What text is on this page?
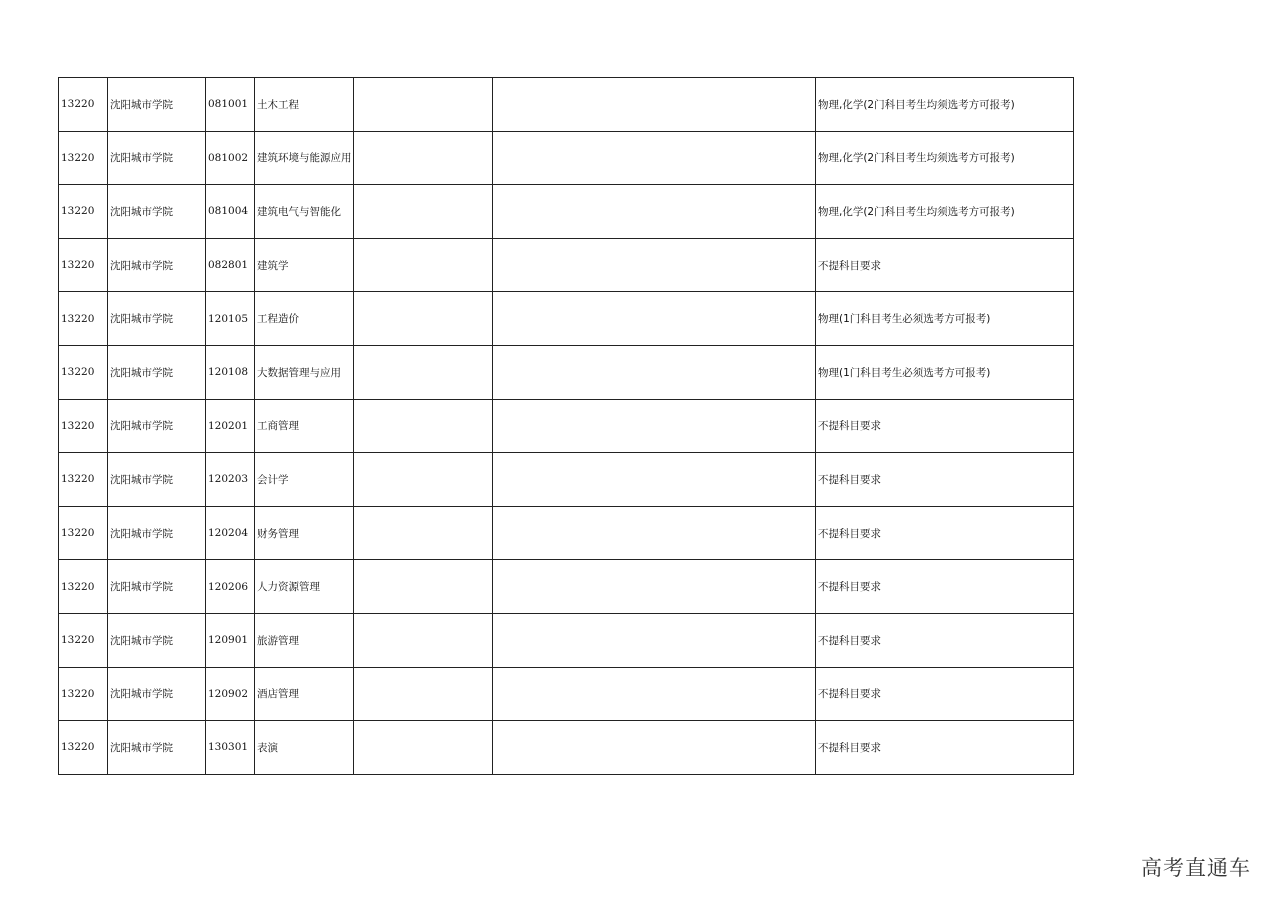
13220	沈阳城市学院	081001	土木工程			物理,化学(2门科目考生均须选考方可报考)
13220	沈阳城市学院	081002	建筑环境与能源应用			物理,化学(2门科目考生均须选考方可报考)
13220	沈阳城市学院	081004	建筑电气与智能化			物理,化学(2门科目考生均须选考方可报考)
13220	沈阳城市学院	082801	建筑学			不提科目要求
13220	沈阳城市学院	120105	工程造价			物理(1门科目考生必须选考方可报考)
13220	沈阳城市学院	120108	大数据管理与应用			物理(1门科目考生必须选考方可报考)
13220	沈阳城市学院	120201	工商管理			不提科目要求
13220	沈阳城市学院	120203	会计学			不提科目要求
13220	沈阳城市学院	120204	财务管理			不提科目要求
13220	沈阳城市学院	120206	人力资源管理			不提科目要求
13220	沈阳城市学院	120901	旅游管理			不提科目要求
13220	沈阳城市学院	120902	酒店管理			不提科目要求
13220	沈阳城市学院	130301	表演			不提科目要求
高考直通车
